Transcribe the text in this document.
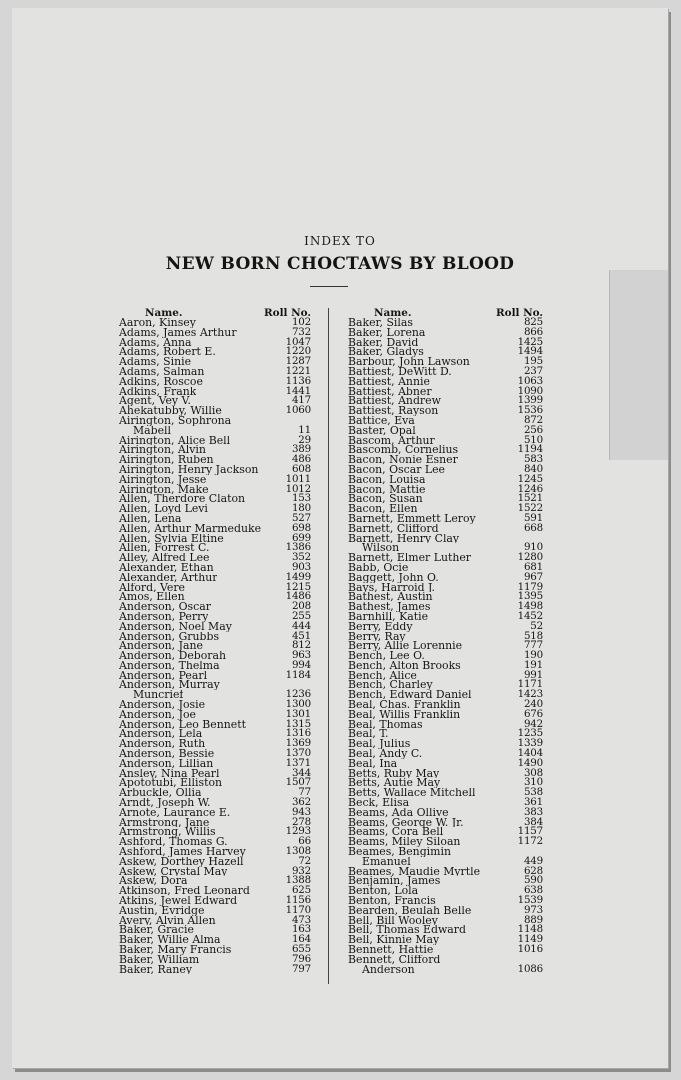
INDEX TO
NEW BORN CHOCTAWS BY BLOOD
Name.	Roll No.
Aaron, Kinsey	102
Adams, James Arthur	732
Adams, Anna	1047
Adams, Robert E.	1220
Adams, Sinie	1287
Adams, Salman	1221
Adkins, Roscoe	1136
Adkins, Frank	1441
Agent, Vey V.	417
Ahekatubby, Willie	1060
Airington, Sophrona
Mabell	11
Airington, Alice Bell	29
Airington, Alvin	389
Airington, Ruben	486
Airington, Henry Jackson	608
Airington, Jesse	1011
Airington, Make	1012
Allen, Therdore Claton	153
Allen, Loyd Levi	180
Allen, Lena	527
Allen, Arthur Marmeduke	698
Allen, Sylvia Eltine	699
Allen, Forrest C.	1386
Alley, Alfred Lee	352
Alexander, Ethan	903
Alexander, Arthur	1499
Alford, Vere	1215
Amos, Ellen	1486
Anderson, Oscar	208
Anderson, Perry	255
Anderson, Noel May	444
Anderson, Grubbs	451
Anderson, Jane	812
Anderson, Deborah	963
Anderson, Thelma	994
Anderson, Pearl	1184
Anderson, Murray
Muncrief	1236
Anderson, Josie	1300
Anderson, Joe	1301
Anderson, Leo Bennett	1315
Anderson, Lela	1316
Anderson, Ruth	1369
Anderson, Bessie	1370
Anderson, Lillian	1371
Ansley, Nina Pearl	344
Apototubi, Elliston	1507
Arbuckle, Ollia	77
Arndt, Joseph W.	362
Arnote, Laurance E.	943
Armstrong, Jane	278
Armstrong, Willis	1293
Ashford, Thomas G.	66
Ashford, James Harvey	1308
Askew, Dorthey Hazell	72
Askew, Crystal May	932
Askew, Dora	1388
Atkinson, Fred Leonard	625
Atkins, Jewel Edward	1156
Austin, Evridge	1170
Avery, Alvin Allen	473
Baker, Gracie	163
Baker, Willie Alma	164
Baker, Mary Francis	655
Baker, William	796
Baker, Raney	797
Name.	Roll No.
Baker, Silas	825
Baker, Lorena	866
Baker, David	1425
Baker, Gladys	1494
Barbour, John Lawson	195
Battiest, DeWitt D.	237
Battiest, Annie	1063
Battiest, Abner	1090
Battiest, Andrew	1399
Battiest, Rayson	1536
Battice, Eva	872
Baster, Opal	256
Bascom, Arthur	510
Bascomb, Cornelius	1194
Bacon, Nonie Esner	583
Bacon, Oscar Lee	840
Bacon, Louisa	1245
Bacon, Mattie	1246
Bacon, Susan	1521
Bacon, Ellen	1522
Barnett, Emmett Leroy	591
Barnett, Clifford	668
Barnett, Henry Clay
Wilson	910
Barnett, Elmer Luther	1280
Babb, Ocie	681
Baggett, John O.	967
Bays, Harroid J.	1179
Bathest, Austin	1395
Bathest, James	1498
Barnhill, Katie	1452
Berry, Eddy	52
Berry, Ray	518
Berry, Allie Lorennie	777
Bench, Lee O.	190
Bench, Alton Brooks	191
Bench, Alice	991
Bench, Charley	1171
Bench, Edward Daniel	1423
Beal, Chas. Franklin	240
Beal, Willis Franklin	676
Beal, Thomas	942
Beal, T.	1235
Beal, Julius	1339
Beal, Andy C.	1404
Beal, Ina	1490
Betts, Ruby May	308
Betts, Autie May	310
Betts, Wallace Mitchell	538
Beck, Elisa	361
Beams, Ada Ollive	383
Beams, George W. Jr.	384
Beams, Cora Bell	1157
Beams, Miley Siloan	1172
Beames, Bengimin
Emanuel	449
Beames, Maudie Myrtle	628
Benjamin, James	590
Benton, Lola	638
Benton, Francis	1539
Bearden, Beulah Belle	973
Bell, Bill Wooley	889
Bell, Thomas Edward	1148
Bell, Kinnie May	1149
Bennett, Hattie	1016
Bennett, Clifford
Anderson	1086
